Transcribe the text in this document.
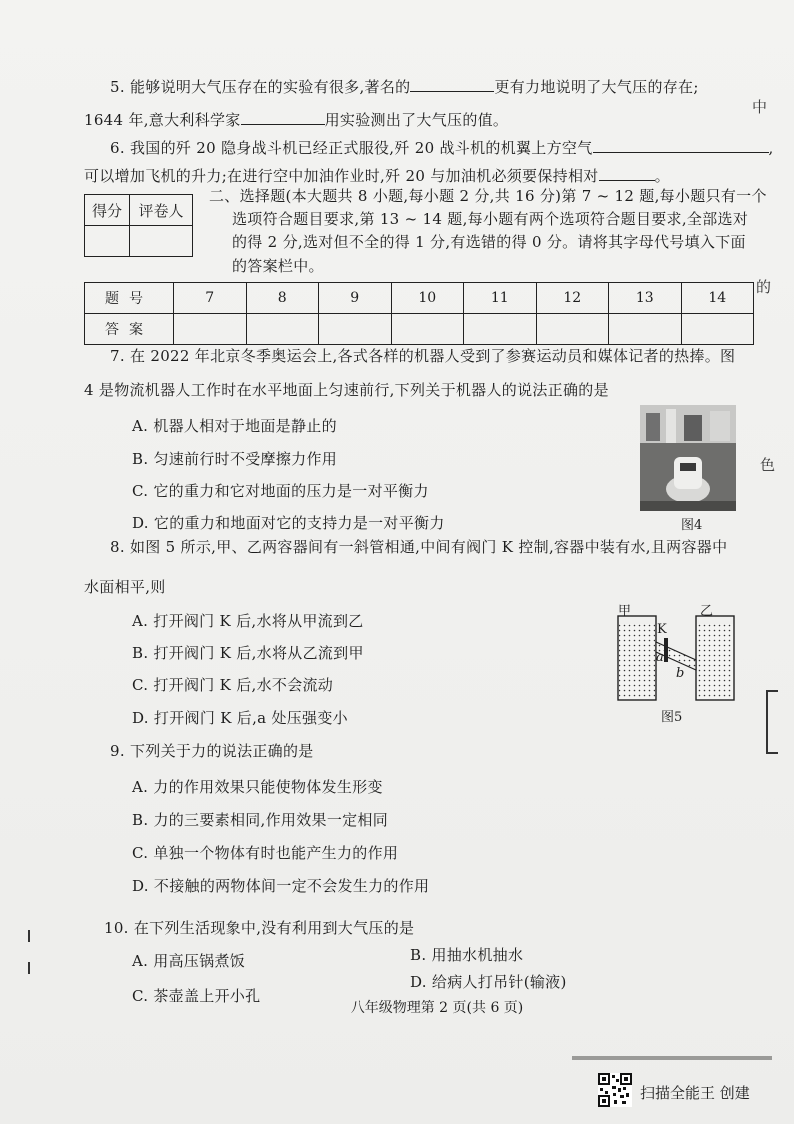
5. 能够说明大气压存在的实验有很多,著名的	更有力地说明了大气压的存在;
1644 年,意大利科学家	用实验测出了大气压的值。
6. 我国的歼 20 隐身战斗机已经正式服役,歼 20 战斗机的机翼上方空气	,
可以增加飞机的升力;在进行空中加油作业时,歼 20 与加油机必须要保持相对	。
得分	评卷人

二、选择题(本大题共 8 小题,每小题 2 分,共 16 分)第 7 ~ 12 题,每小题只有一个
选项符合题目要求,第 13 ~ 14 题,每小题有两个选项符合题目要求,全部选对
的得 2 分,选对但不全的得 1 分,有选错的得 0 分。请将其字母代号填入下面
的答案栏中。
题号	7	8	9	10	11	12	13	14
答案								
7. 在 2022 年北京冬季奥运会上,各式各样的机器人受到了参赛运动员和媒体记者的热捧。图
4 是物流机器人工作时在水平地面上匀速前行,下列关于机器人的说法正确的是
A. 机器人相对于地面是静止的
B. 匀速前行时不受摩擦力作用
C. 它的重力和它对地面的压力是一对平衡力
D. 它的重力和地面对它的支持力是一对平衡力	图4
8. 如图 5 所示,甲、乙两容器间有一斜管相通,中间有阀门 K 控制,容器中装有水,且两容器中
水面相平,则
A. 打开阀门 K 后,水将从甲流到乙
B. 打开阀门 K 后,水将从乙流到甲
C. 打开阀门 K 后,水不会流动
D. 打开阀门 K 后,a 处压强变小
甲	乙
K
a
b
图5
9. 下列关于力的说法正确的是
A. 力的作用效果只能使物体发生形变
B. 力的三要素相同,作用效果一定相同
C. 单独一个物体有时也能产生力的作用
D. 不接触的两物体间一定不会发生力的作用
10. 在下列生活现象中,没有利用到大气压的是
A. 用高压锅煮饭	B. 用抽水机抽水
C. 茶壶盖上开小孔
D. 给病人打吊针(输液)
八年级物理第 2 页(共 6 页)
中
的
色
扫描全能王 创建
